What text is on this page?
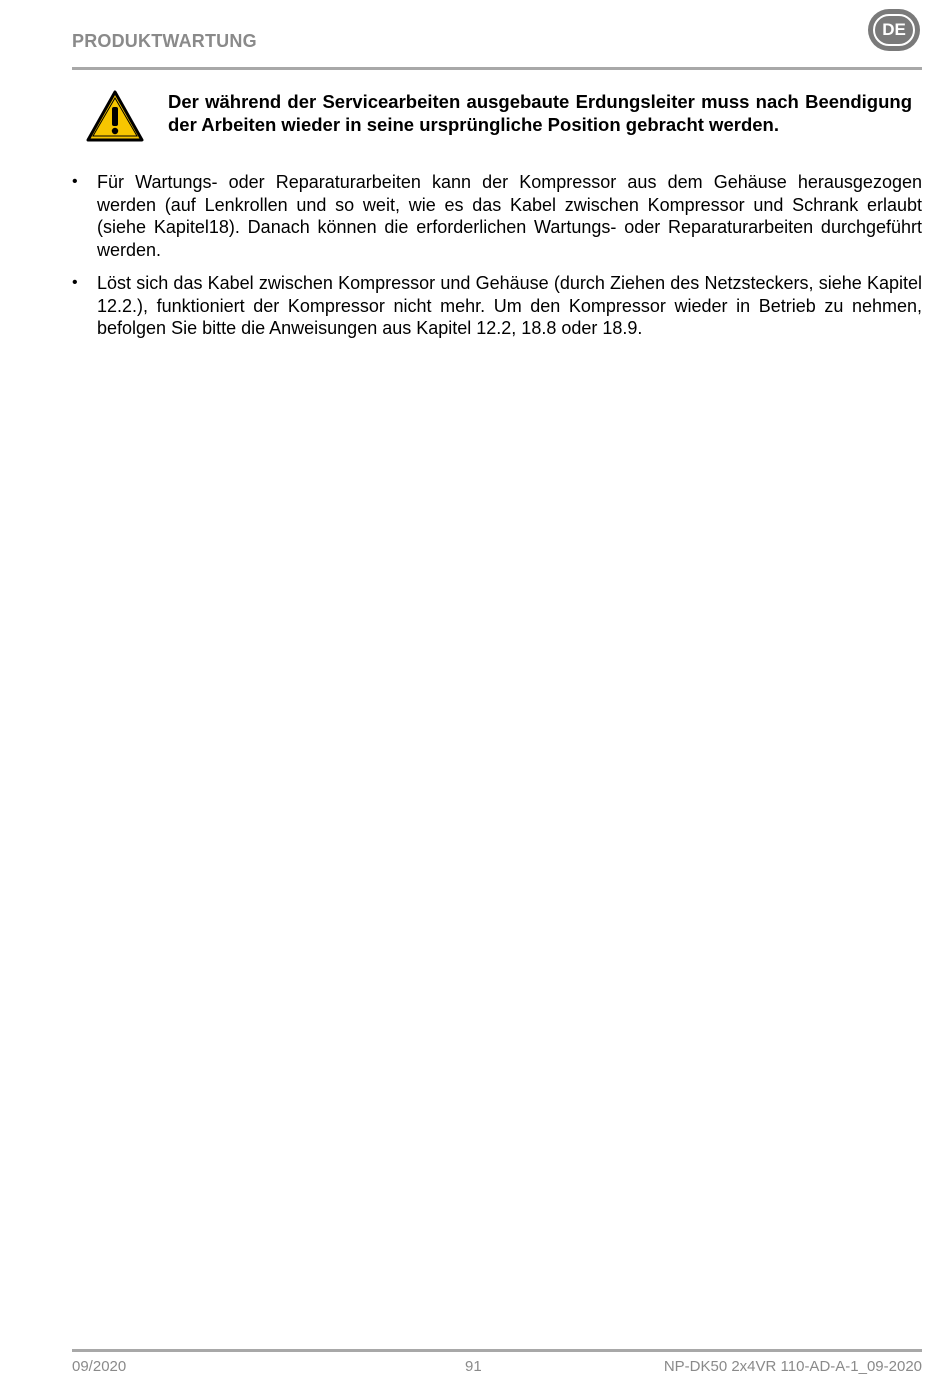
PRODUKTWARTUNG
DE
Der während der Servicearbeiten ausgebaute Erdungsleiter muss nach Beendigung der Arbeiten wieder in seine ursprüngliche Position gebracht werden.
• Für Wartungs- oder Reparaturarbeiten kann der Kompressor aus dem Gehäuse herausgezogen werden (auf Lenkrollen und so weit, wie es das Kabel zwischen Kompressor und Schrank erlaubt (siehe Kapitel18). Danach können die erforderlichen Wartungs- oder Reparaturarbeiten durchgeführt werden.
• Löst sich das Kabel zwischen Kompressor und Gehäuse (durch Ziehen des Netzsteckers, siehe Kapitel 12.2.), funktioniert der Kompressor nicht mehr. Um den Kompressor wieder in Betrieb zu nehmen, befolgen Sie bitte die Anweisungen aus Kapitel 12.2, 18.8 oder 18.9.
09/2020	91	NP-DK50 2x4VR 110-AD-A-1_09-2020
